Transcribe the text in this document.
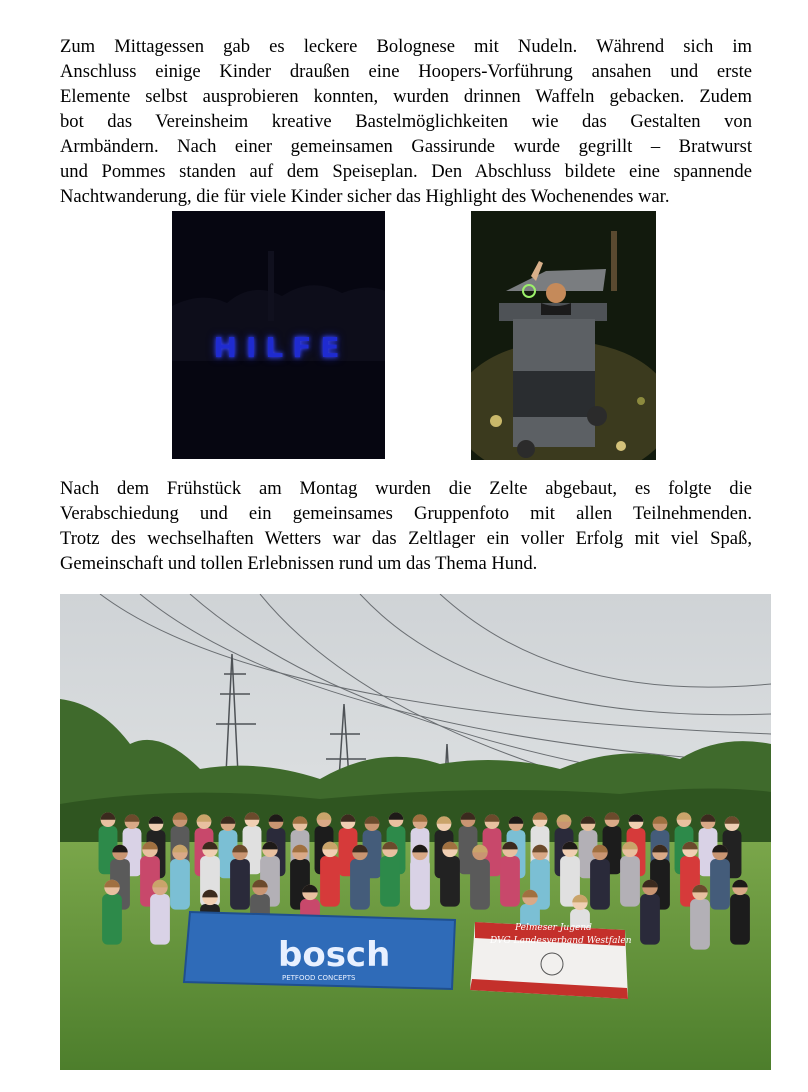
Zum Mittagessen gab es leckere Bolognese mit Nudeln. Während sich im
Anschluss einige Kinder draußen eine Hoopers-Vorführung ansahen und erste
Elemente selbst ausprobieren konnten, wurden drinnen Waffeln gebacken. Zudem
bot das Vereinsheim kreative Bastelmöglichkeiten wie das Gestalten von
Armbändern. Nach einer gemeinsamen Gassirunde wurde gegrillt – Bratwurst
und Pommes standen auf dem Speiseplan. Den Abschluss bildete eine spannende
Nachtwanderung, die für viele Kinder sicher das Highlight des Wochenendes war.
HILFE
Nach dem Frühstück am Montag wurden die Zelte abgebaut, es folgte die
Verabschiedung und ein gemeinsames Gruppenfoto mit allen Teilnehmenden.
Trotz des wechselhaften Wetters war das Zeltlager ein voller Erfolg mit viel Spaß,
Gemeinschaft und tollen Erlebnissen rund um das Thema Hund.
bosch
PETFOOD CONCEPTS
Pelmeser Jugend
DVG Landesverband Westfalen
